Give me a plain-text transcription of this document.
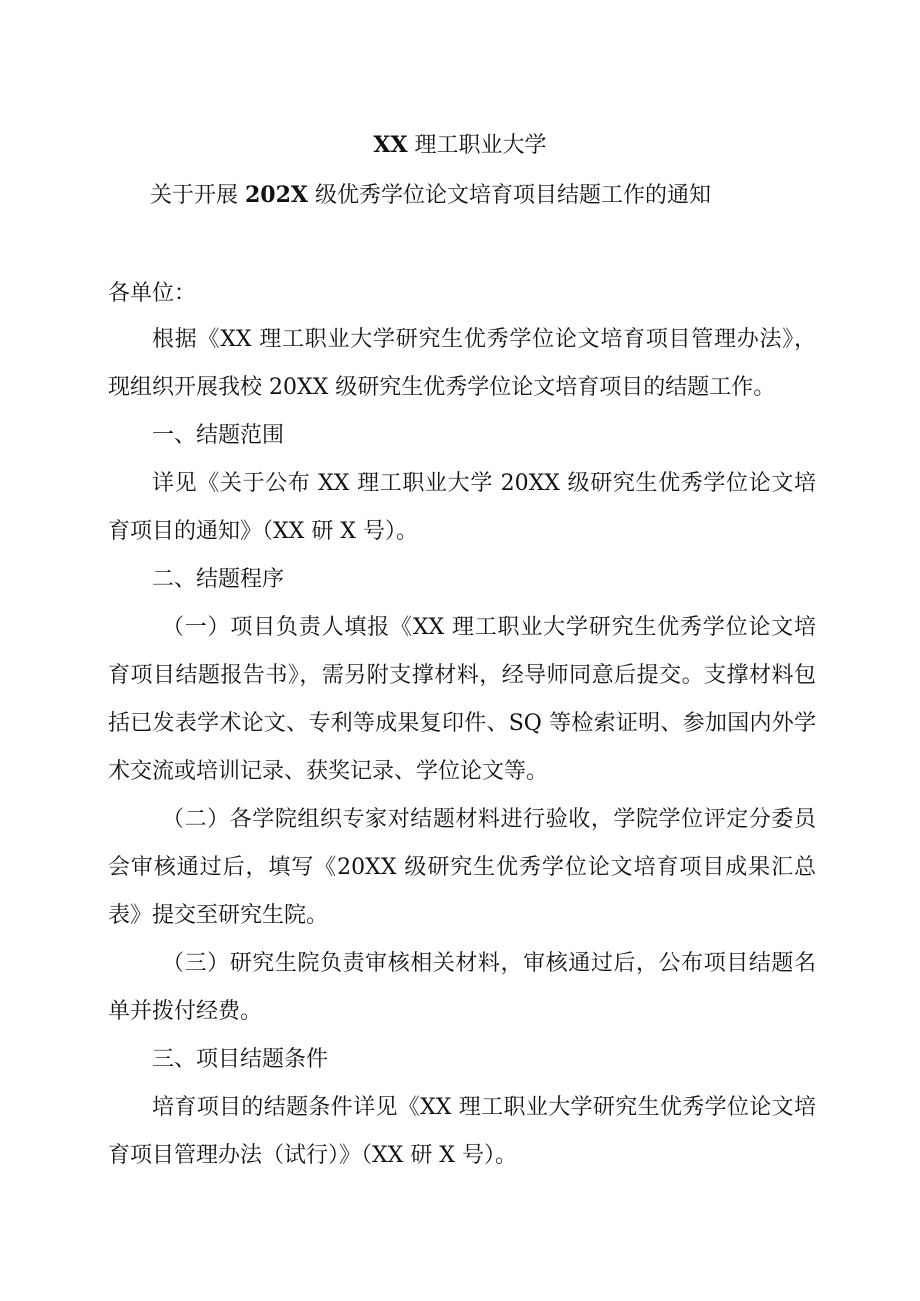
XX 理工职业大学
关于开展 202X 级优秀学位论文培育项目结题工作的通知

各单位：

根据《XX 理工职业大学研究生优秀学位论文培育项目管理办法》，现组织开展我校 20XX 级研究生优秀学位论文培育项目的结题工作。

一、结题范围

详见《关于公布 XX 理工职业大学 20XX 级研究生优秀学位论文培育项目的通知》（XX 研 X 号）。

二、结题程序

（一）项目负责人填报《XX 理工职业大学研究生优秀学位论文培育项目结题报告书》，需另附支撑材料，经导师同意后提交。支撑材料包括已发表学术论文、专利等成果复印件、SQ 等检索证明、参加国内外学术交流或培训记录、获奖记录、学位论文等。

（二）各学院组织专家对结题材料进行验收，学院学位评定分委员会审核通过后，填写《20XX 级研究生优秀学位论文培育项目成果汇总表》提交至研究生院。

（三）研究生院负责审核相关材料，审核通过后，公布项目结题名单并拨付经费。

三、项目结题条件

培育项目的结题条件详见《XX 理工职业大学研究生优秀学位论文培育项目管理办法（试行）》（XX 研 X 号）。
